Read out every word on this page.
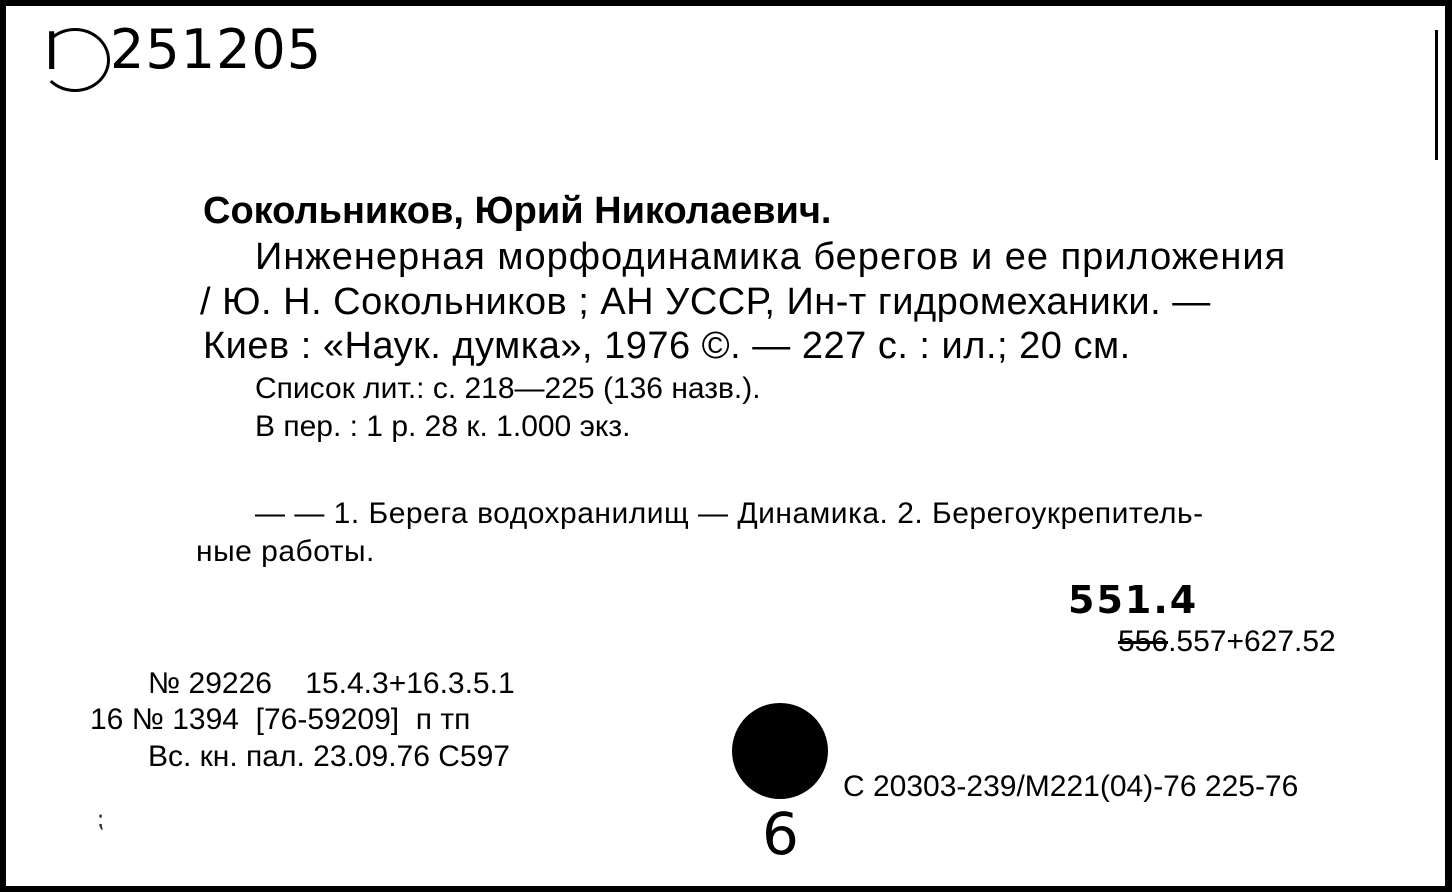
I 251205
Сокольников, Юрий Николаевич.
Инженерная морфодинамика берегов и ее приложения
/ Ю. Н. Сокольников ; АН УССР, Ин-т гидромеханики. —
Киев : «Наук. думка», 1976 ©. — 227 с. : ил.; 20 см.
Список лит.: с. 218—225 (136 назв.).
В пер. : 1 р. 28 к. 1.000 экз.
— — 1. Берега водохранилищ — Динамика. 2. Берегоукрепитель-
ные работы.
551.4
556.557+627.52
№ 29226    15.4.3+16.3.5.1
16 № 1394  [76-59209]  п тп
Вс. кн. пал. 23.09.76 С597
С 20303-239/М221(04)-76 225-76
6
⁏
